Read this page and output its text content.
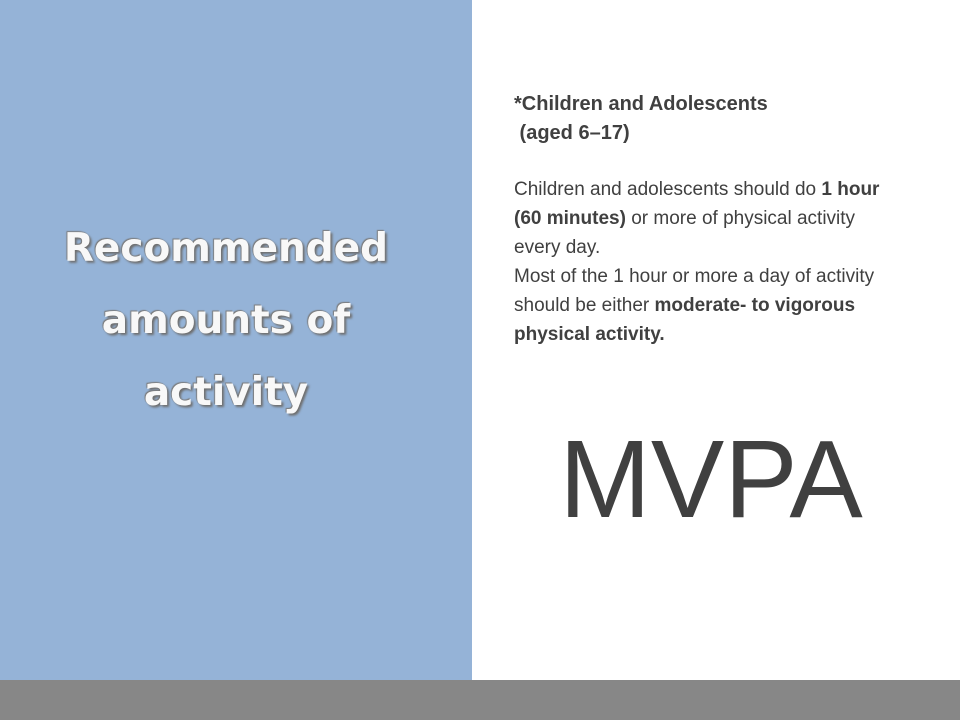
Recommended
amounts of
activity

*Children and Adolescents

(aged 6–17)

Children and adolescents should do 1 hour (60 minutes) or more of physical activity every day.
Most of the 1 hour or more a day of activity should be either moderate- to vigorous physical activity.
MVPA
